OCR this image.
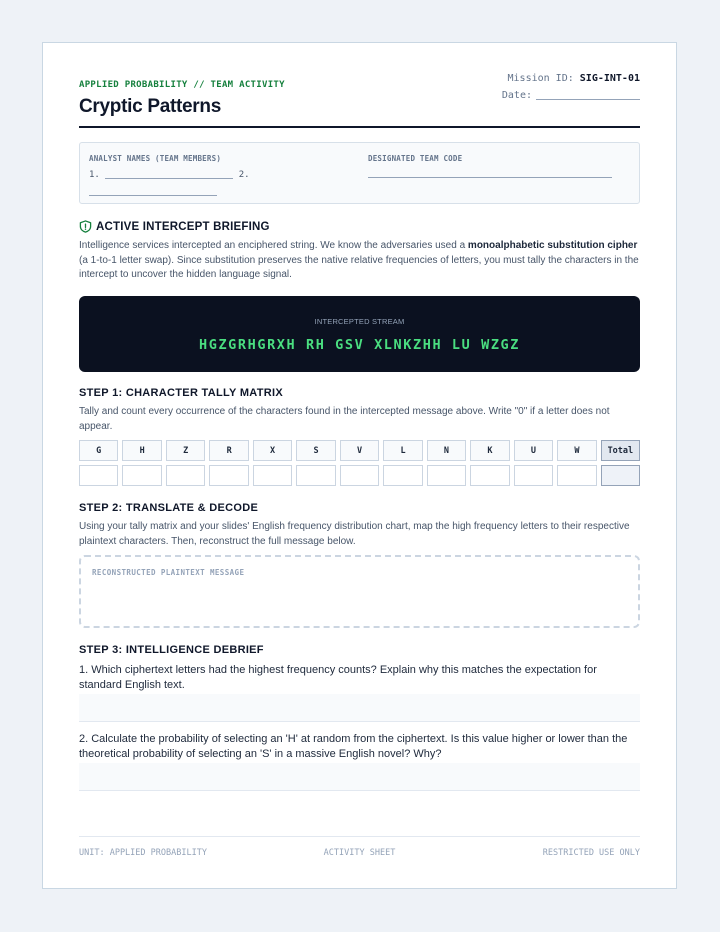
APPLIED PROBABILITY // TEAM ACTIVITY
Cryptic Patterns
Mission ID: SIG-INT-01
Date:
ANALYST NAMES (TEAM MEMBERS)
1.	2.

DESIGNATED TEAM CODE
ACTIVE INTERCEPT BRIEFING
Intelligence services intercepted an enciphered string. We know the adversaries used a monoalphabetic substitution cipher (a 1-to-1 letter swap). Since substitution preserves the native relative frequencies of letters, you must tally the characters in the intercept to uncover the hidden language signal.
INTERCEPTED STREAM
HGZGRHGRXH RH GSV XLNKZHH LU WZGZ
STEP 1: CHARACTER TALLY MATRIX
Tally and count every occurrence of the characters found in the intercepted message above. Write "0" if a letter does not appear.
G	H	Z	R	X	S	V	L	N	K	U	W	Total
STEP 2: TRANSLATE & DECODE
Using your tally matrix and your slides' English frequency distribution chart, map the high frequency letters to their respective plaintext characters. Then, reconstruct the full message below.
RECONSTRUCTED PLAINTEXT MESSAGE
STEP 3: INTELLIGENCE DEBRIEF
1. Which ciphertext letters had the highest frequency counts? Explain why this matches the expectation for standard English text.
2. Calculate the probability of selecting an 'H' at random from the ciphertext. Is this value higher or lower than the theoretical probability of selecting an 'S' in a massive English novel? Why?
UNIT: APPLIED PROBABILITY	ACTIVITY SHEET	RESTRICTED USE ONLY
